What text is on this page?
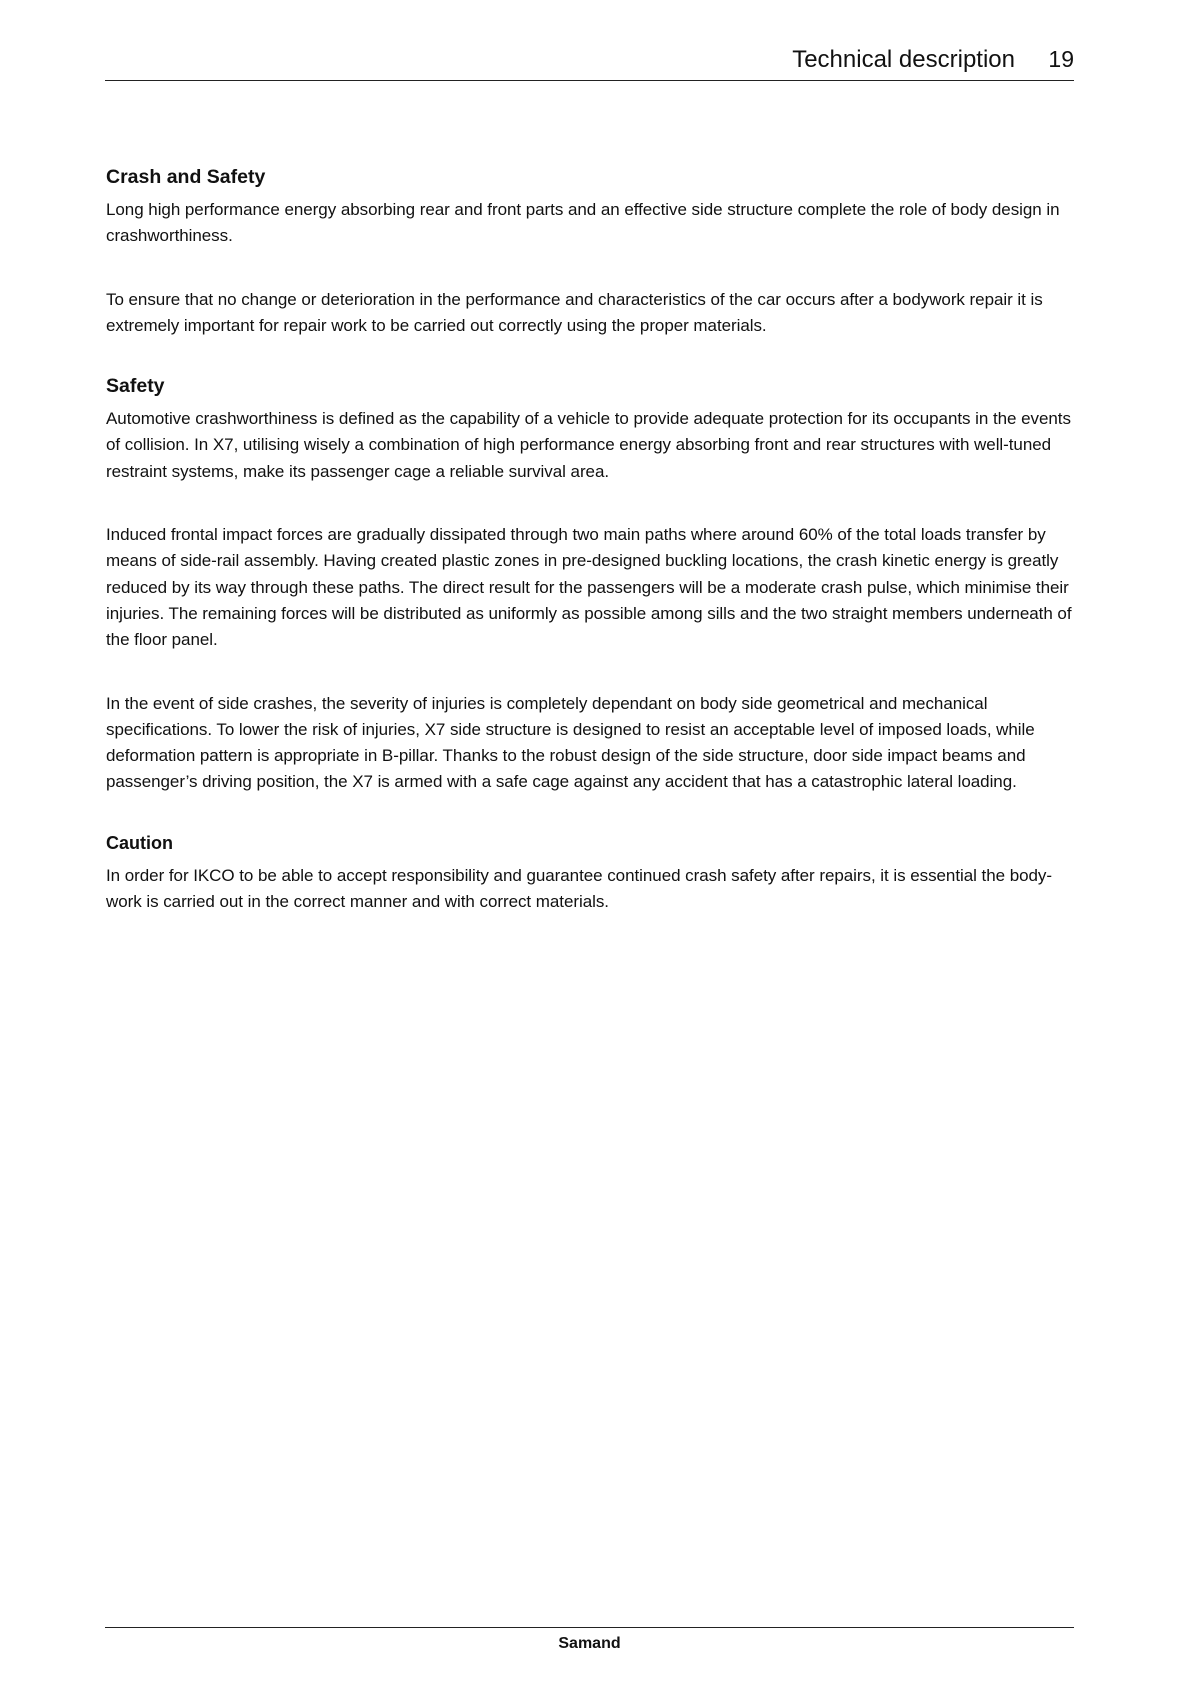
Technical description 19
Crash and Safety

Long high performance energy absorbing rear and front parts and an effective side structure complete the role of body design in crashworthiness.

To ensure that no change or deterioration in the performance and characteristics of the car occurs after a bodywork repair it is extremely important for repair work to be carried out correctly using the proper materials.

Safety

Automotive crashworthiness is defined as the capability of a vehicle to provide adequate protection for its occupants in the events of collision. In X7, utilising wisely a combination of high performance energy absorbing front and rear structures with well-tuned restraint systems, make its passenger cage a reliable survival area.

Induced frontal impact forces are gradually dissipated through two main paths where around 60% of the total loads transfer by means of side-rail assembly. Having created plastic zones in pre-designed buckling locations, the crash kinetic energy is greatly reduced by its way through these paths. The direct result for the passengers will be a moderate crash pulse, which minimise their injuries. The remaining forces will be distributed as uniformly as possible among sills and the two straight members underneath of the floor panel.

In the event of side crashes, the severity of injuries is completely dependant on body side geometrical and mechanical specifications. To lower the risk of injuries, X7 side structure is designed to resist an acceptable level of imposed loads, while deformation pattern is appropriate in B-pillar. Thanks to the robust design of the side structure, door side impact beams and passenger’s driving position, the X7 is armed with a safe cage against any accident that has a catastrophic lateral loading.

Caution

In order for IKCO to be able to accept responsibility and guarantee continued crash safety after repairs, it is essential the body-work is carried out in the correct manner and with correct materials.

Samand
